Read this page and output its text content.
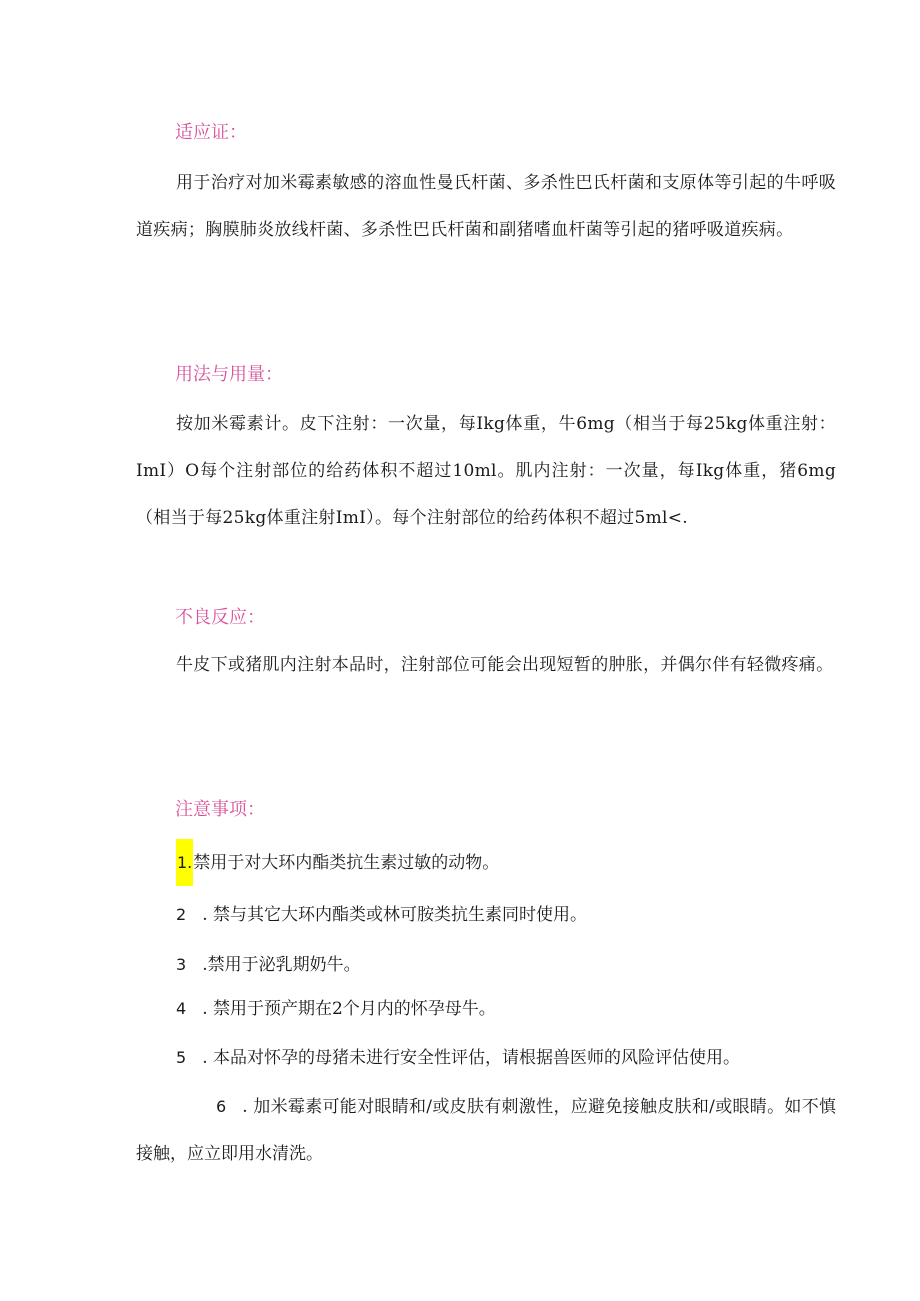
适应证：
用于治疗对加米霉素敏感的溶血性曼氏杆菌、多杀性巴氏杆菌和支原体等引起的牛呼吸道疾病；胸膜肺炎放线杆菌、多杀性巴氏杆菌和副猪嗜血杆菌等引起的猪呼吸道疾病。
用法与用量：
按加米霉素计。皮下注射：一次量，每Ikg体重，牛6mg（相当于每25kg体重注射：ImI）O每个注射部位的给药体积不超过10ml。肌内注射：一次量，每Ikg体重，猪6mg（相当于每25kg体重注射ImI）。每个注射部位的给药体积不超过5ml<.
不良反应：
牛皮下或猪肌内注射本品时，注射部位可能会出现短暂的肿胀，并偶尔伴有轻微疼痛。
注意事项：
1.禁用于对大环内酯类抗生素过敏的动物。
2 . 禁与其它大环内酯类或林可胺类抗生素同时使用。
3 .禁用于泌乳期奶牛。
4 . 禁用于预产期在2个月内的怀孕母牛。
5 . 本品对怀孕的母猪未进行安全性评估，请根据兽医师的风险评估使用。
6 . 加米霉素可能对眼睛和/或皮肤有刺激性，应避免接触皮肤和/或眼睛。如不慎接触，应立即用水清洗。
